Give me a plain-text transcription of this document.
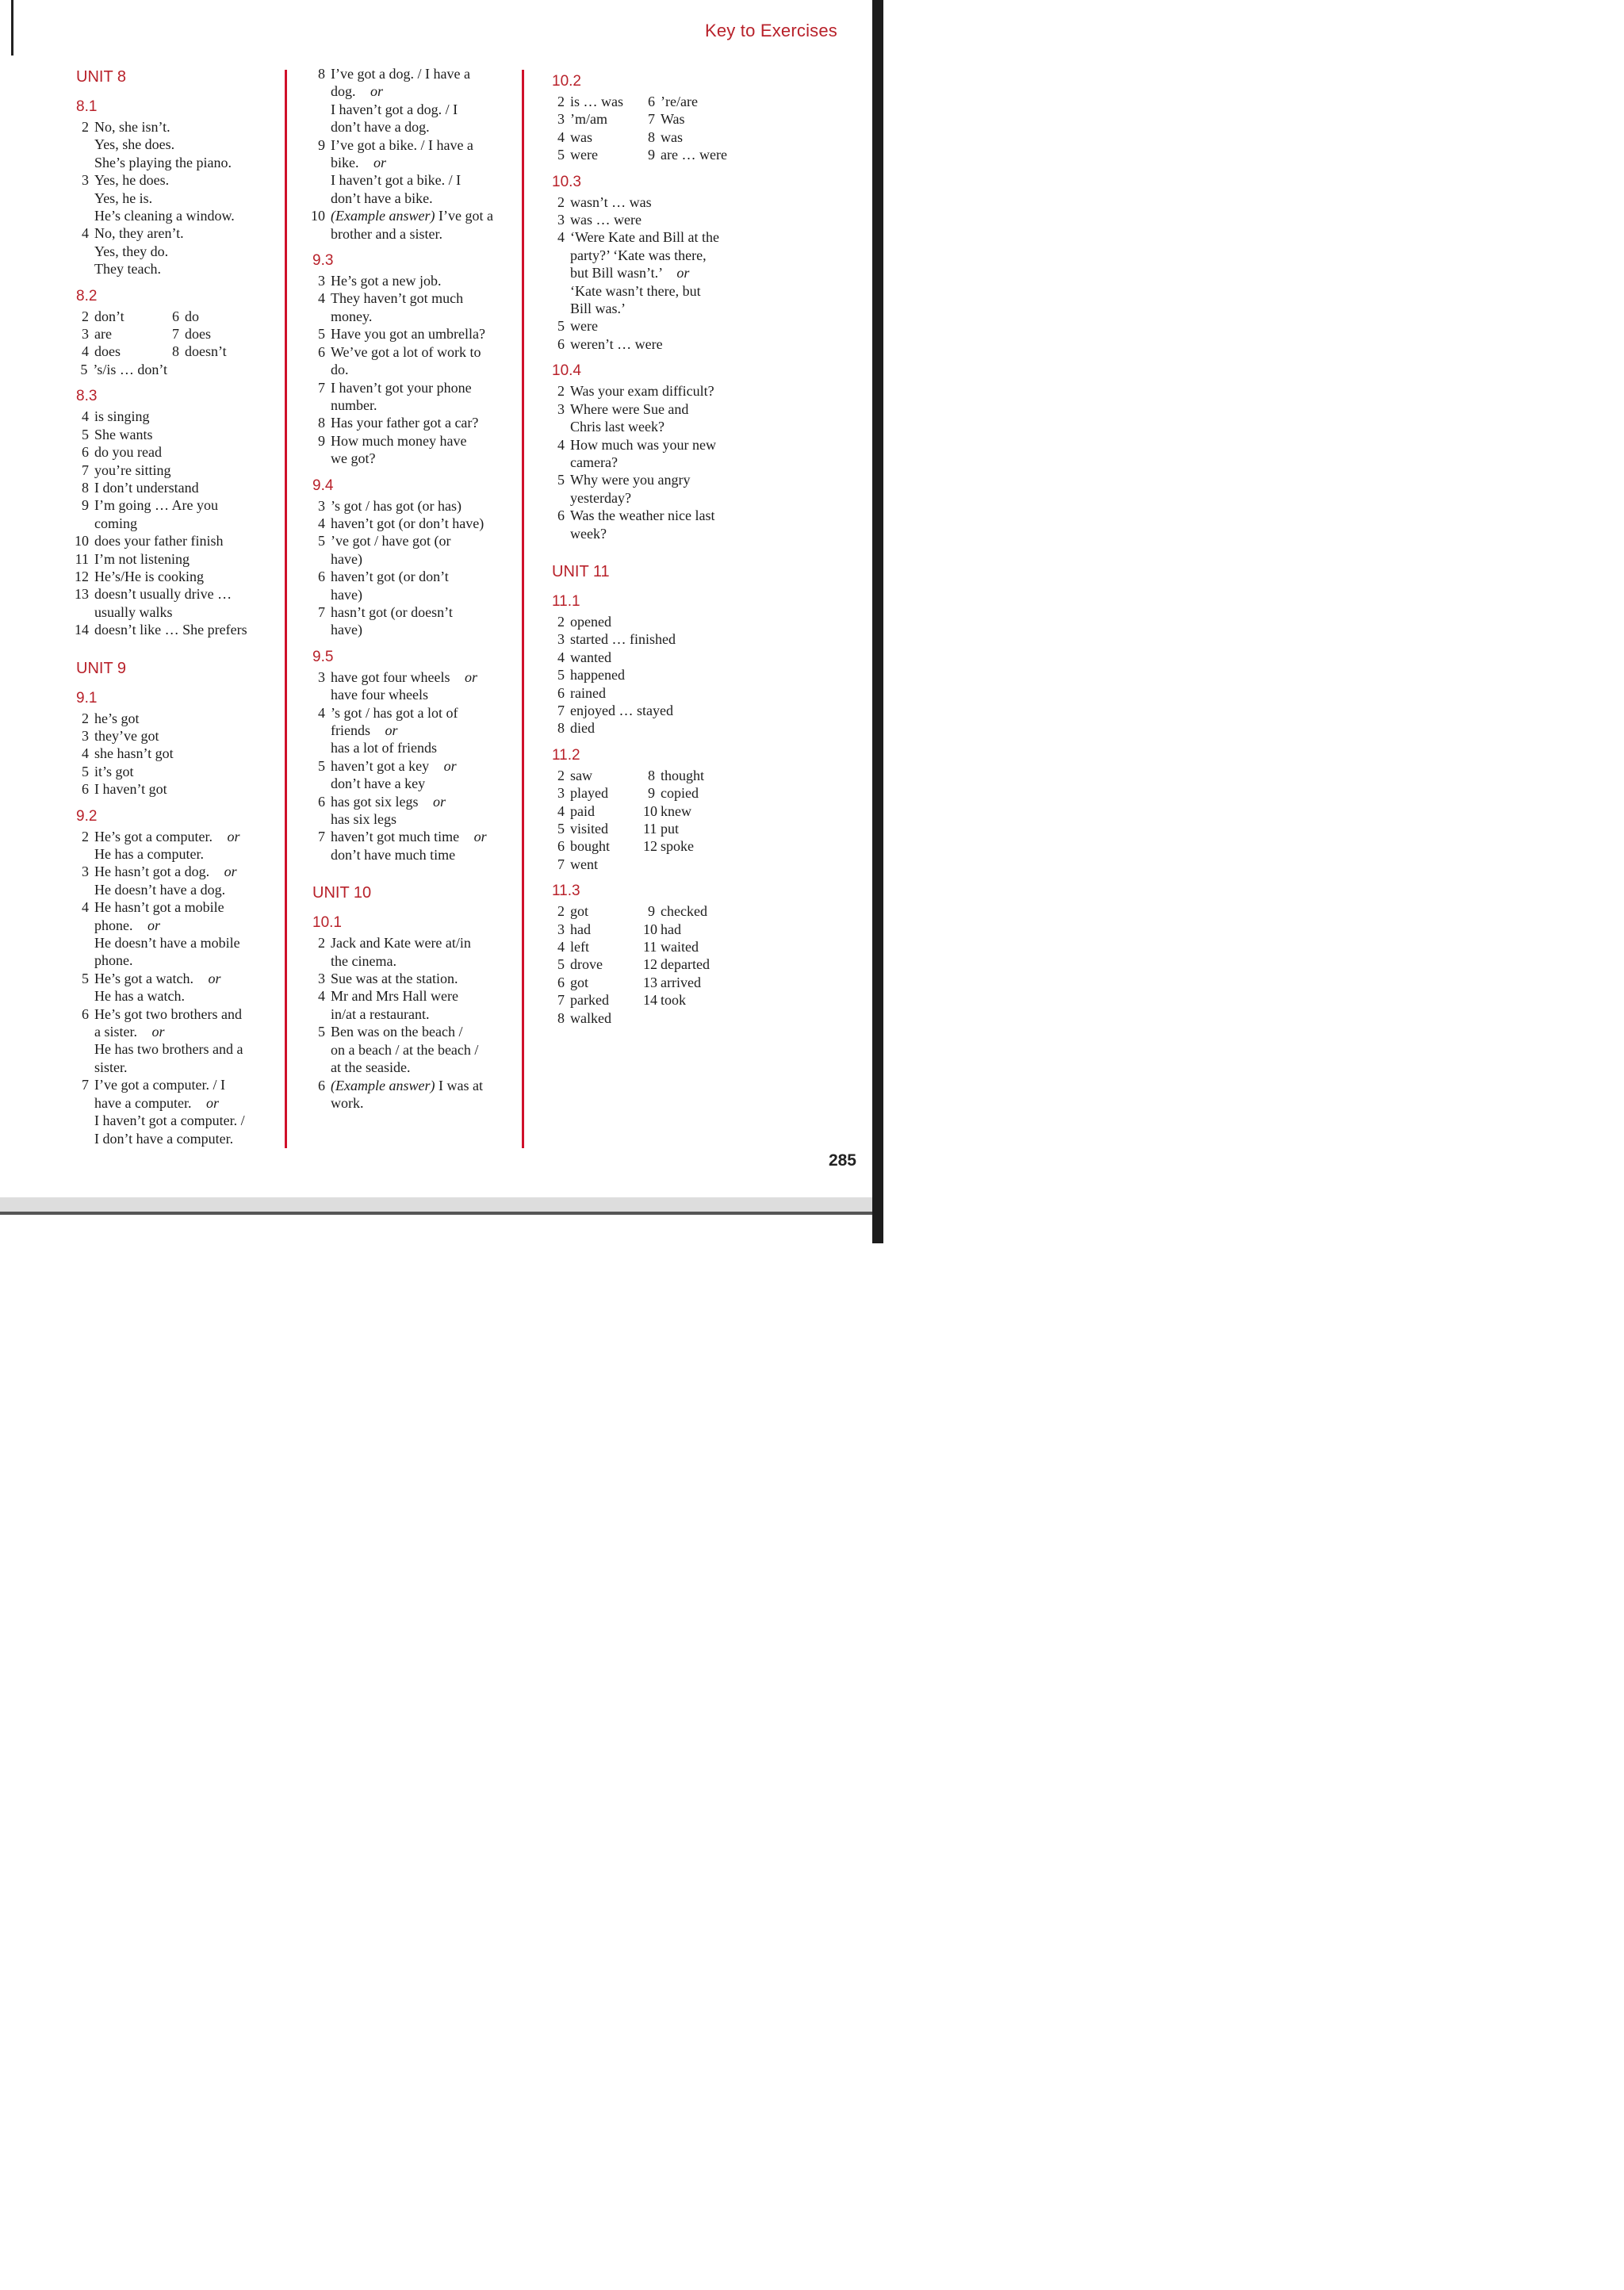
Key to Exercises
UNIT 8
8.1
2 No, she isn’t.
Yes, she does.
She’s playing the piano.
3 Yes, he does.
Yes, he is.
He’s cleaning a window.
4 No, they aren’t.
Yes, they do.
They teach.
8.2
2 don’t	6 do
3 are	7 does
4 does	8 doesn’t
5 ’s/is … don’t
8.3
4 is singing
5 She wants
6 do you read
7 you’re sitting
8 I don’t understand
9 I’m going … Are you
coming
10 does your father finish
11 I’m not listening
12 He’s/He is cooking
13 doesn’t usually drive …
usually walks
14 doesn’t like … She prefers
UNIT 9
9.1
2 he’s got
3 they’ve got
4 she hasn’t got
5 it’s got
6 I haven’t got
9.2
2 He’s got a computer. or
He has a computer.
3 He hasn’t got a dog. or
He doesn’t have a dog.
4 He hasn’t got a mobile
phone. or
He doesn’t have a mobile
phone.
5 He’s got a watch. or
He has a watch.
6 He’s got two brothers and
a sister. or
He has two brothers and a
sister.
7 I’ve got a computer. / I
have a computer. or
I haven’t got a computer. /
I don’t have a computer.
8 I’ve got a dog. / I have a
dog. or
I haven’t got a dog. / I
don’t have a dog.
9 I’ve got a bike. / I have a
bike. or
I haven’t got a bike. / I
don’t have a bike.
10 (Example answer) I’ve got a
brother and a sister.
9.3
3 He’s got a new job.
4 They haven’t got much
money.
5 Have you got an umbrella?
6 We’ve got a lot of work to
do.
7 I haven’t got your phone
number.
8 Has your father got a car?
9 How much money have
we got?
9.4
3 ’s got / has got (or has)
4 haven’t got (or don’t have)
5 ’ve got / have got (or
have)
6 haven’t got (or don’t
have)
7 hasn’t got (or doesn’t
have)
9.5
3 have got four wheels or
have four wheels
4 ’s got / has got a lot of
friends or
has a lot of friends
5 haven’t got a key or
don’t have a key
6 has got six legs or
has six legs
7 haven’t got much time or
don’t have much time
UNIT 10
10.1
2 Jack and Kate were at/in
the cinema.
3 Sue was at the station.
4 Mr and Mrs Hall were
in/at a restaurant.
5 Ben was on the beach /
on a beach / at the beach /
at the seaside.
6 (Example answer) I was at
work.
10.2
2 is … was	6 ’re/are
3 ’m/am	7 Was
4 was	8 was
5 were	9 are … were
10.3
2 wasn’t … was
3 was … were
4 ‘Were Kate and Bill at the
party?’ ‘Kate was there,
but Bill wasn’t.’ or
‘Kate wasn’t there, but
Bill was.’
5 were
6 weren’t … were
10.4
2 Was your exam difficult?
3 Where were Sue and
Chris last week?
4 How much was your new
camera?
5 Why were you angry
yesterday?
6 Was the weather nice last
week?
UNIT 11
11.1
2 opened
3 started … finished
4 wanted
5 happened
6 rained
7 enjoyed … stayed
8 died
11.2
2 saw	8 thought
3 played	9 copied
4 paid	10 knew
5 visited 11 put
6 bought 12 spoke
7 went
11.3
2 got	9 checked
3 had	10 had
4 left	11 waited
5 drove	12 departed
6 got	13 arrived
7 parked 14 took
8 walked
285
